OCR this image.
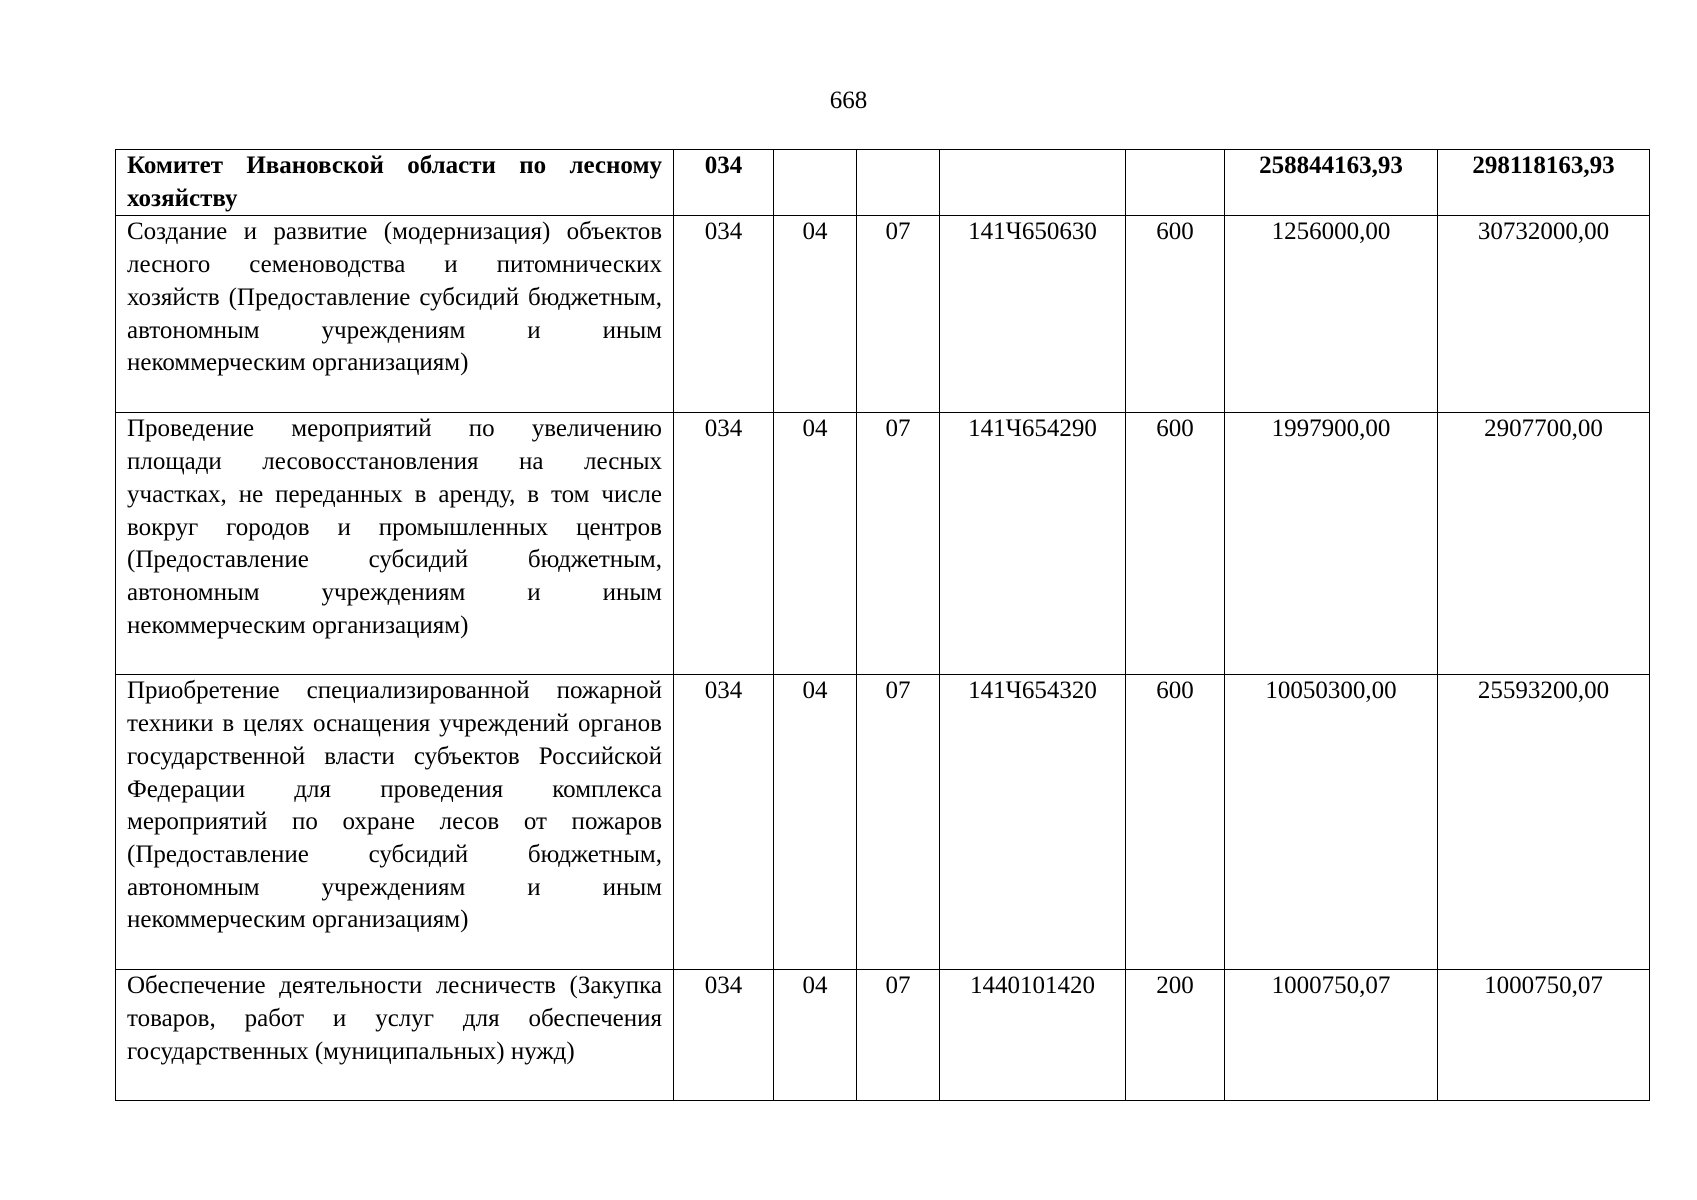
668
Комитет Ивановской области по лесному хозяйству	034					258844163,93	298118163,93
Создание и развитие (модернизация) объектов лесного семеноводства и питомнических хозяйств (Предоставление субсидий бюджетным, автономным учреждениям и иным некоммерческим организациям)	034	04	07	141Ч650630	600	1256000,00	30732000,00
Проведение мероприятий по увеличению площади лесовосстановления на лесных участках, не переданных в аренду, в том числе вокруг городов и промышленных центров (Предоставление субсидий бюджетным, автономным учреждениям и иным некоммерческим организациям)	034	04	07	141Ч654290	600	1997900,00	2907700,00
Приобретение специализированной пожарной техники в целях оснащения учреждений органов государственной власти субъектов Российской Федерации для проведения комплекса мероприятий по охране лесов от пожаров (Предоставление субсидий бюджетным, автономным учреждениям и иным некоммерческим организациям)	034	04	07	141Ч654320	600	10050300,00	25593200,00
Обеспечение деятельности лесничеств (Закупка товаров, работ и услуг для обеспечения государственных (муниципальных) нужд)	034	04	07	1440101420	200	1000750,07	1000750,07
